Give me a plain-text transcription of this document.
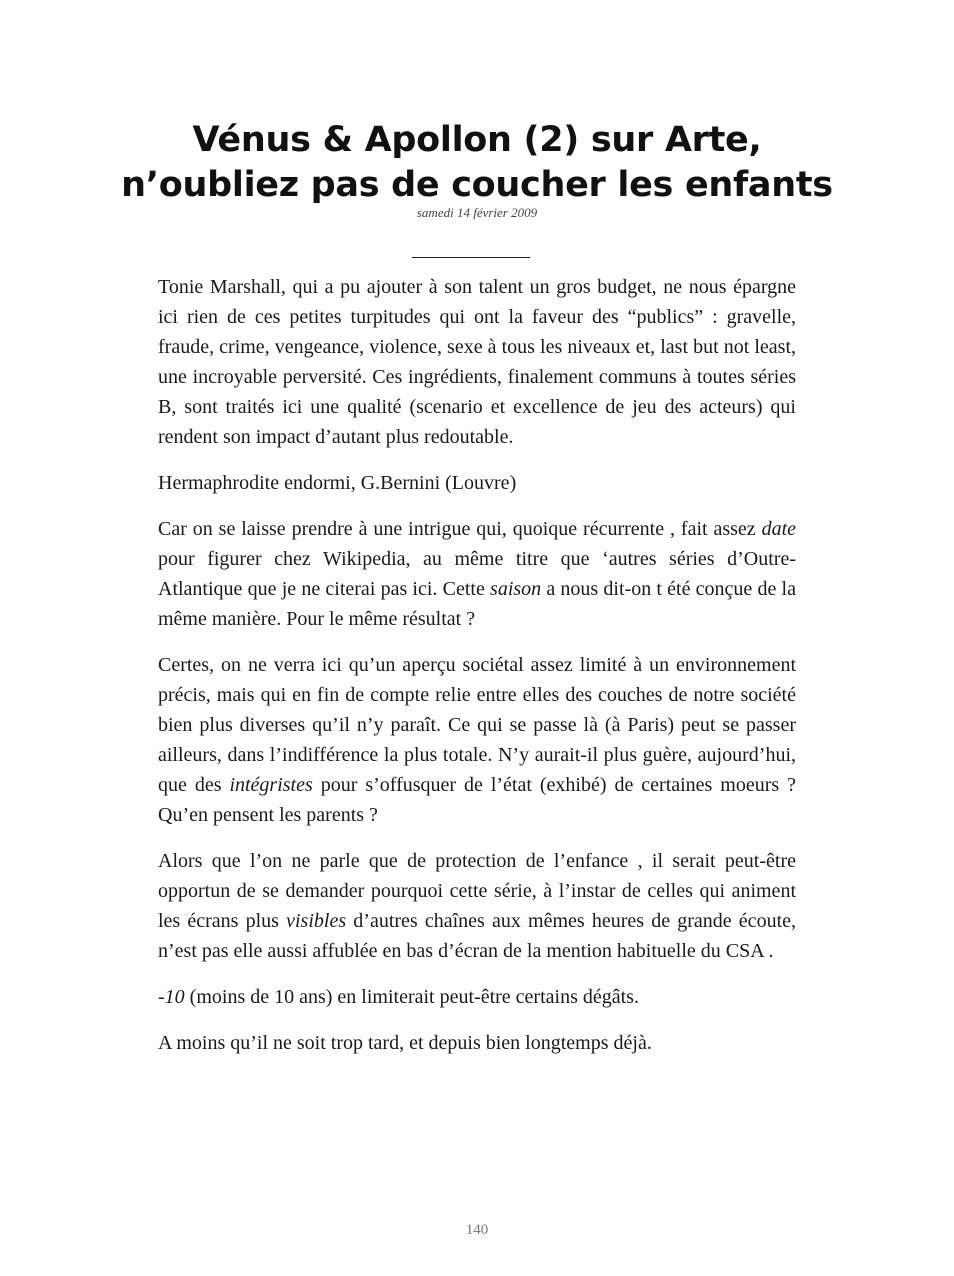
Vénus & Apollon (2) sur Arte, n’oubliez pas de coucher les enfants
samedi 14 février 2009

Tonie Marshall, qui a pu ajouter à son talent un gros budget, ne nous épargne ici rien de ces petites turpitudes qui ont la faveur des “publics” : gravelle, fraude, crime, vengeance, violence, sexe à tous les niveaux et, last but not least, une incroyable perversité. Ces ingrédients, finalement communs à toutes séries B, sont traités ici une qualité (scenario et excellence de jeu des acteurs) qui rendent son impact d’autant plus redoutable.

Hermaphrodite endormi, G.Bernini (Louvre)

Car on se laisse prendre à une intrigue qui, quoique récurrente , fait assez date pour figurer chez Wikipedia, au même titre que ‘autres séries d’Outre-Atlantique que je ne citerai pas ici. Cette saison a nous dit-on t été conçue de la même manière. Pour le même résultat ?

Certes, on ne verra ici qu’un aperçu sociétal assez limité à un environnement précis, mais qui en fin de compte relie entre elles des couches de notre société bien plus diverses qu’il n’y paraît. Ce qui se passe là (à Paris) peut se passer ailleurs, dans l’indifférence la plus totale. N’y aurait-il plus guère, aujourd’hui, que des intégristes pour s’offusquer de l’état (exhibé) de certaines moeurs ? Qu’en pensent les parents ?

Alors que l’on ne parle que de protection de l’enfance , il serait peut-être opportun de se demander pourquoi cette série, à l’instar de celles qui animent les écrans plus visibles d’autres chaînes aux mêmes heures de grande écoute, n’est pas elle aussi affublée en bas d’écran de la mention habituelle du CSA .

-10 (moins de 10 ans) en limiterait peut-être certains dégâts.

A moins qu’il ne soit trop tard, et depuis bien longtemps déjà.

140
